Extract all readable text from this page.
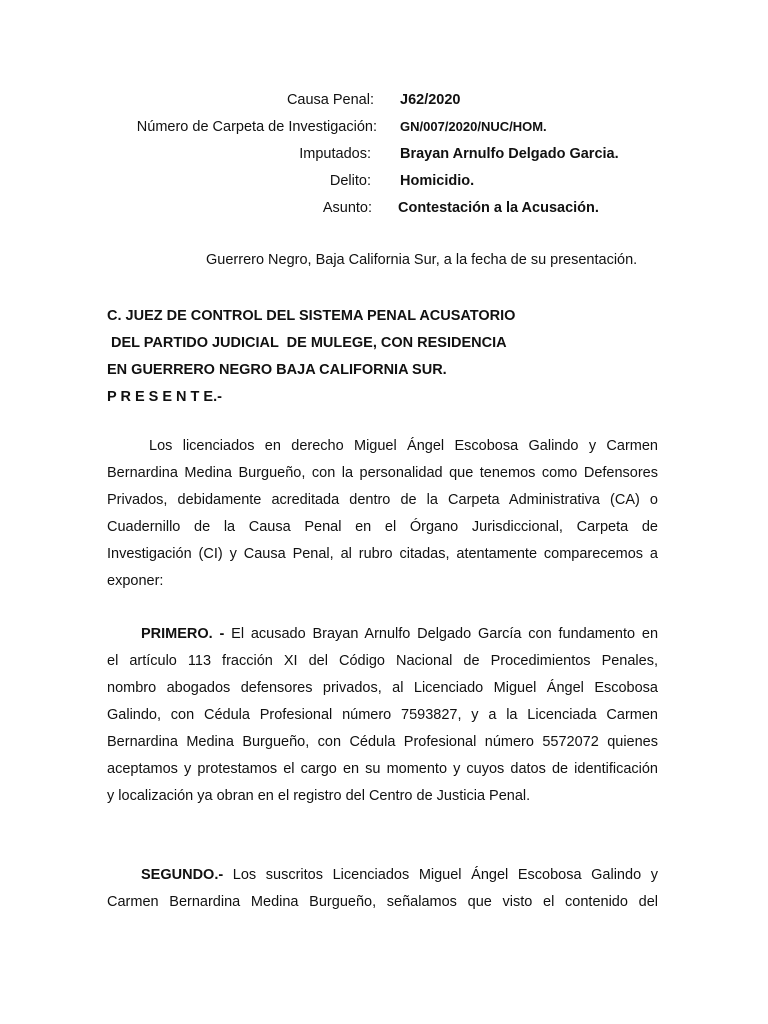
Causa Penal: J62/2020
Número de Carpeta de Investigación: GN/007/2020/NUC/HOM.
Imputados: Brayan Arnulfo Delgado Garcia.
Delito: Homicidio.
Asunto: Contestación a la Acusación.
Guerrero Negro, Baja California Sur, a la fecha de su presentación.
C. JUEZ DE CONTROL DEL SISTEMA PENAL ACUSATORIO
DEL PARTIDO JUDICIAL  DE MULEGE, CON RESIDENCIA
EN GUERRERO NEGRO BAJA CALIFORNIA SUR.
P R E S E N T E.-
Los licenciados en derecho Miguel Ángel Escobosa Galindo y Carmen
Bernardina Medina Burgueño, con la personalidad que tenemos como Defensores
Privados, debidamente acreditada dentro de la Carpeta Administrativa (CA) o
Cuadernillo de la Causa Penal en el Órgano Jurisdiccional, Carpeta de
Investigación (CI) y Causa Penal, al rubro citadas, atentamente comparecemos a
exponer:
PRIMERO. - El acusado Brayan Arnulfo Delgado García con fundamento en
el artículo 113 fracción XI del Código Nacional de Procedimientos Penales,
nombro abogados defensores privados, al Licenciado Miguel Ángel Escobosa
Galindo, con Cédula Profesional número 7593827, y a la Licenciada Carmen
Bernardina Medina Burgueño, con Cédula Profesional número 5572072 quienes
aceptamos y protestamos el cargo en su momento y cuyos datos de identificación
y localización ya obran en el registro del Centro de Justicia Penal.
SEGUNDO.- Los suscritos Licenciados Miguel Ángel Escobosa Galindo y
Carmen Bernardina Medina Burgueño, señalamos que visto el contenido del
